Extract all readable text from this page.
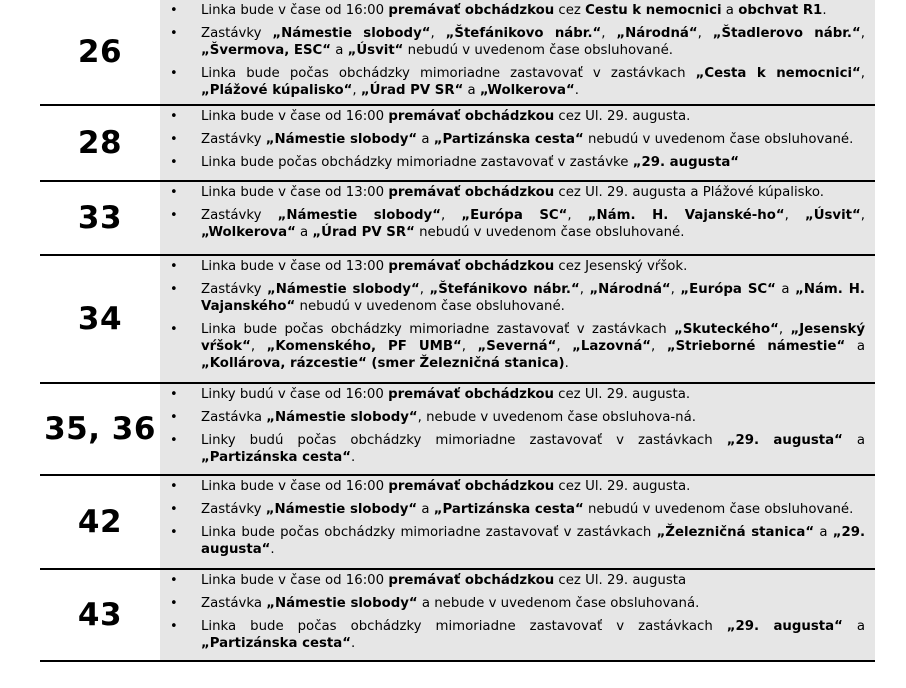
26
• Linka bude v čase od 16:00 premávať obchádzkou cez Cestu k nemocnici a obchvat R1.
• Zastávky „Námestie slobody“, „Štefánikovo nábr.“, „Národná“, „Štadlerovo nábr.“, „Švermova, ESC“ a „Úsvit“ nebudú v uvedenom čase obsluhované.
• Linka bude počas obchádzky mimoriadne zastavovať v zastávkach „Cesta k nemocnici“, „Plážové kúpalisko“, „Úrad PV SR“ a „Wolkerova“.
28
• Linka bude v čase od 16:00 premávať obchádzkou cez Ul. 29. augusta.
• Zastávky „Námestie slobody“ a „Partizánska cesta“ nebudú v uvedenom čase obsluhované.
• Linka bude počas obchádzky mimoriadne zastavovať v zastávke „29. augusta“
33
• Linka bude v čase od 13:00 premávať obchádzkou cez Ul. 29. augusta a Plážové kúpalisko.
• Zastávky „Námestie slobody“, „Európa SC“, „Nám. H. Vajanské-ho“, „Úsvit“, „Wolkerova“ a „Úrad PV SR“ nebudú v uvedenom čase obsluhované.
34
• Linka bude v čase od 13:00 premávať obchádzkou cez Jesenský vŕšok.
• Zastávky „Námestie slobody“, „Štefánikovo nábr.“, „Národná“, „Európa SC“ a „Nám. H. Vajanského“ nebudú v uvedenom čase obsluhované.
• Linka bude počas obchádzky mimoriadne zastavovať v zastávkach „Skuteckého“, „Jesenský vŕšok“, „Komenského, PF UMB“, „Severná“, „Lazovná“, „Strieborné námestie“ a „Kollárova, rázcestie“ (smer Železničná stanica).
35, 36
• Linky budú v čase od 16:00 premávať obchádzkou cez Ul. 29. augusta.
• Zastávka „Námestie slobody“, nebude v uvedenom čase obsluhova-ná.
• Linky budú počas obchádzky mimoriadne zastavovať v zastávkach „29. augusta“ a „Partizánska cesta“.
42
• Linka bude v čase od 16:00 premávať obchádzkou cez Ul. 29. augusta.
• Zastávky „Námestie slobody“ a „Partizánska cesta“ nebudú v uvedenom čase obsluhované.
• Linka bude počas obchádzky mimoriadne zastavovať v zastávkach „Železničná stanica“ a „29. augusta“.
43
• Linka bude v čase od 16:00 premávať obchádzkou cez Ul. 29. augusta
• Zastávka „Námestie slobody“ a nebude v uvedenom čase obsluhovaná.
• Linka bude počas obchádzky mimoriadne zastavovať v zastávkach „29. augusta“ a „Partizánska cesta“.
